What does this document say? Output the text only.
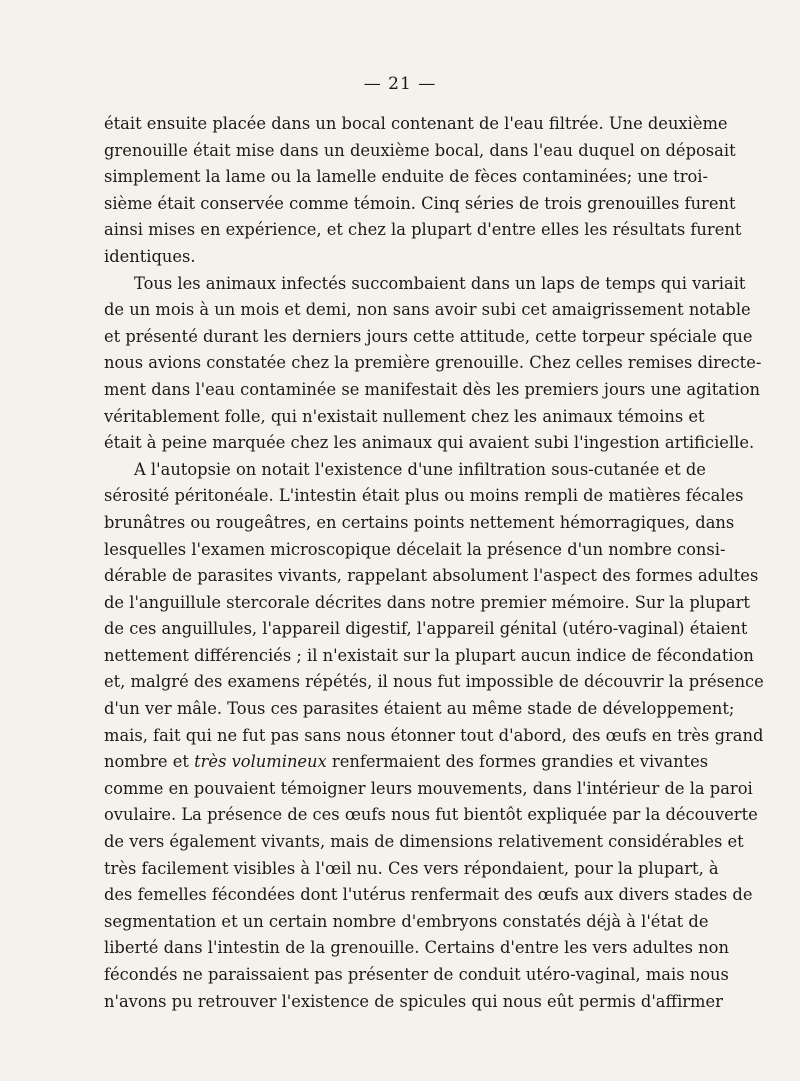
— 21 —
était ensuite placée dans un bocal contenant de l'eau filtrée. Une deuxième
grenouille était mise dans un deuxième bocal, dans l'eau duquel on déposait
simplement la lame ou la lamelle enduite de fèces contaminées; une troi-
sième était conservée comme témoin. Cinq séries de trois grenouilles furent
ainsi mises en expérience, et chez la plupart d'entre elles les résultats furent
identiques.
Tous les animaux infectés succombaient dans un laps de temps qui variait
de un mois à un mois et demi, non sans avoir subi cet amaigrissement notable
et présenté durant les derniers jours cette attitude, cette torpeur spéciale que
nous avions constatée chez la première grenouille. Chez celles remises directe-
ment dans l'eau contaminée se manifestait dès les premiers jours une agitation
véritablement folle, qui n'existait nullement chez les animaux témoins et
était à peine marquée chez les animaux qui avaient subi l'ingestion artificielle.
A l'autopsie on notait l'existence d'une infiltration sous-cutanée et de
sérosité péritonéale. L'intestin était plus ou moins rempli de matières fécales
brunâtres ou rougeâtres, en certains points nettement hémorragiques, dans
lesquelles l'examen microscopique décelait la présence d'un nombre consi-
dérable de parasites vivants, rappelant absolument l'aspect des formes adultes
de l'anguillule stercorale décrites dans notre premier mémoire. Sur la plupart
de ces anguillules, l'appareil digestif, l'appareil génital (utéro-vaginal) étaient
nettement différenciés ; il n'existait sur la plupart aucun indice de fécondation
et, malgré des examens répétés, il nous fut impossible de découvrir la présence
d'un ver mâle. Tous ces parasites étaient au même stade de développement;
mais, fait qui ne fut pas sans nous étonner tout d'abord, des œufs en très grand
nombre et très volumineux renfermaient des formes grandies et vivantes
comme en pouvaient témoigner leurs mouvements, dans l'intérieur de la paroi
ovulaire. La présence de ces œufs nous fut bientôt expliquée par la découverte
de vers également vivants, mais de dimensions relativement considérables et
très facilement visibles à l'œil nu. Ces vers répondaient, pour la plupart, à
des femelles fécondées dont l'utérus renfermait des œufs aux divers stades de
segmentation et un certain nombre d'embryons constatés déjà à l'état de
liberté dans l'intestin de la grenouille. Certains d'entre les vers adultes non
fécondés ne paraissaient pas présenter de conduit utéro-vaginal, mais nous
n'avons pu retrouver l'existence de spicules qui nous eût permis d'affirmer
